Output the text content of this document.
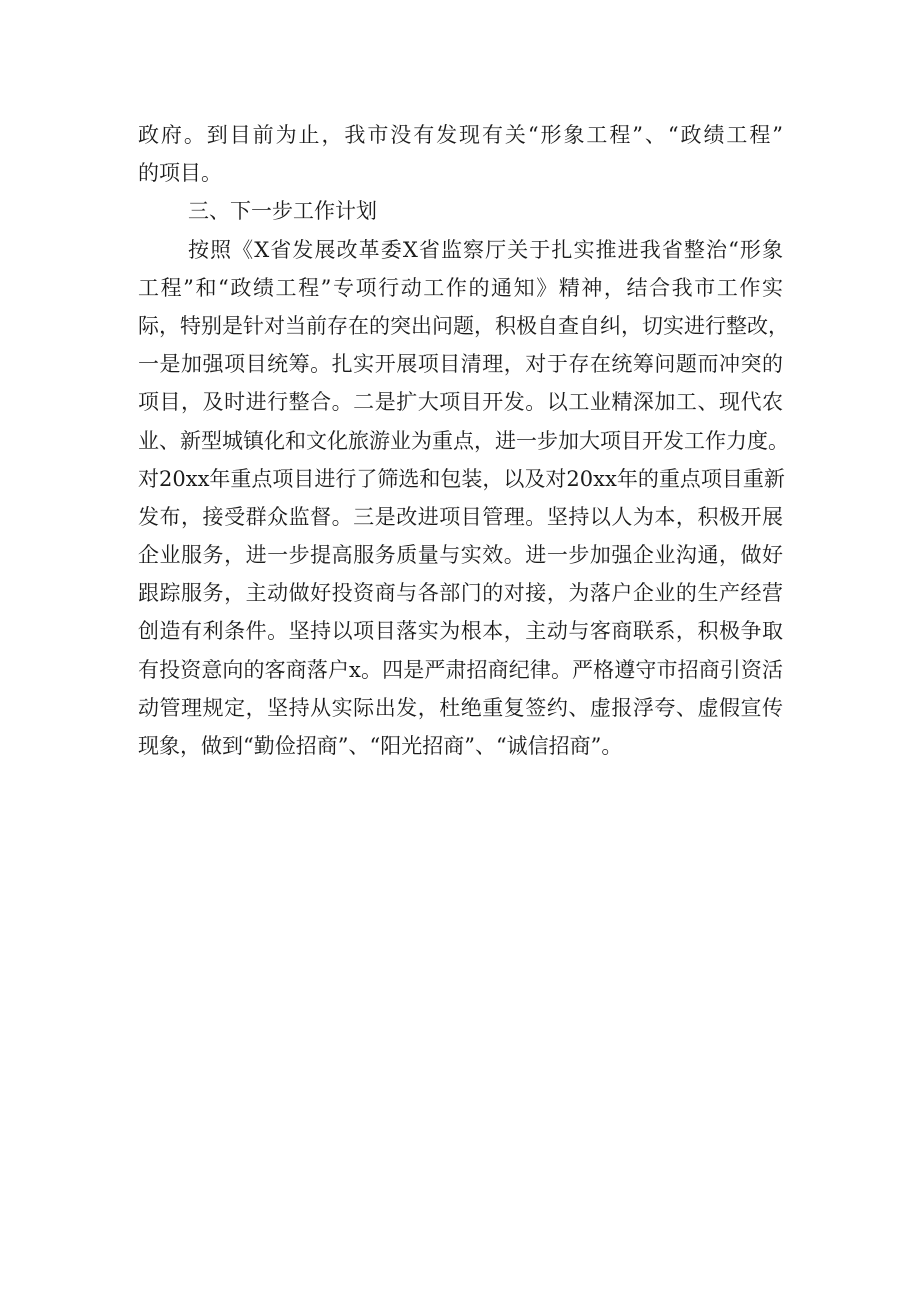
政府。到目前为止，我市没有发现有关“形象工程”、“政绩工程”
的项目。
三、下一步工作计划
按照《X省发展改革委X省监察厅关于扎实推进我省整治“形象
工程”和“政绩工程”专项行动工作的通知》精神，结合我市工作实
际，特别是针对当前存在的突出问题，积极自查自纠，切实进行整改，
一是加强项目统筹。扎实开展项目清理，对于存在统筹问题而冲突的
项目，及时进行整合。二是扩大项目开发。以工业精深加工、现代农
业、新型城镇化和文化旅游业为重点，进一步加大项目开发工作力度。
对20xx年重点项目进行了筛选和包装，以及对20xx年的重点项目重新
发布，接受群众监督。三是改进项目管理。坚持以人为本，积极开展
企业服务，进一步提高服务质量与实效。进一步加强企业沟通，做好
跟踪服务，主动做好投资商与各部门的对接，为落户企业的生产经营
创造有利条件。坚持以项目落实为根本，主动与客商联系，积极争取
有投资意向的客商落户x。四是严肃招商纪律。严格遵守市招商引资活
动管理规定，坚持从实际出发，杜绝重复签约、虚报浮夸、虚假宣传
现象，做到“勤俭招商”、“阳光招商”、“诚信招商”。
